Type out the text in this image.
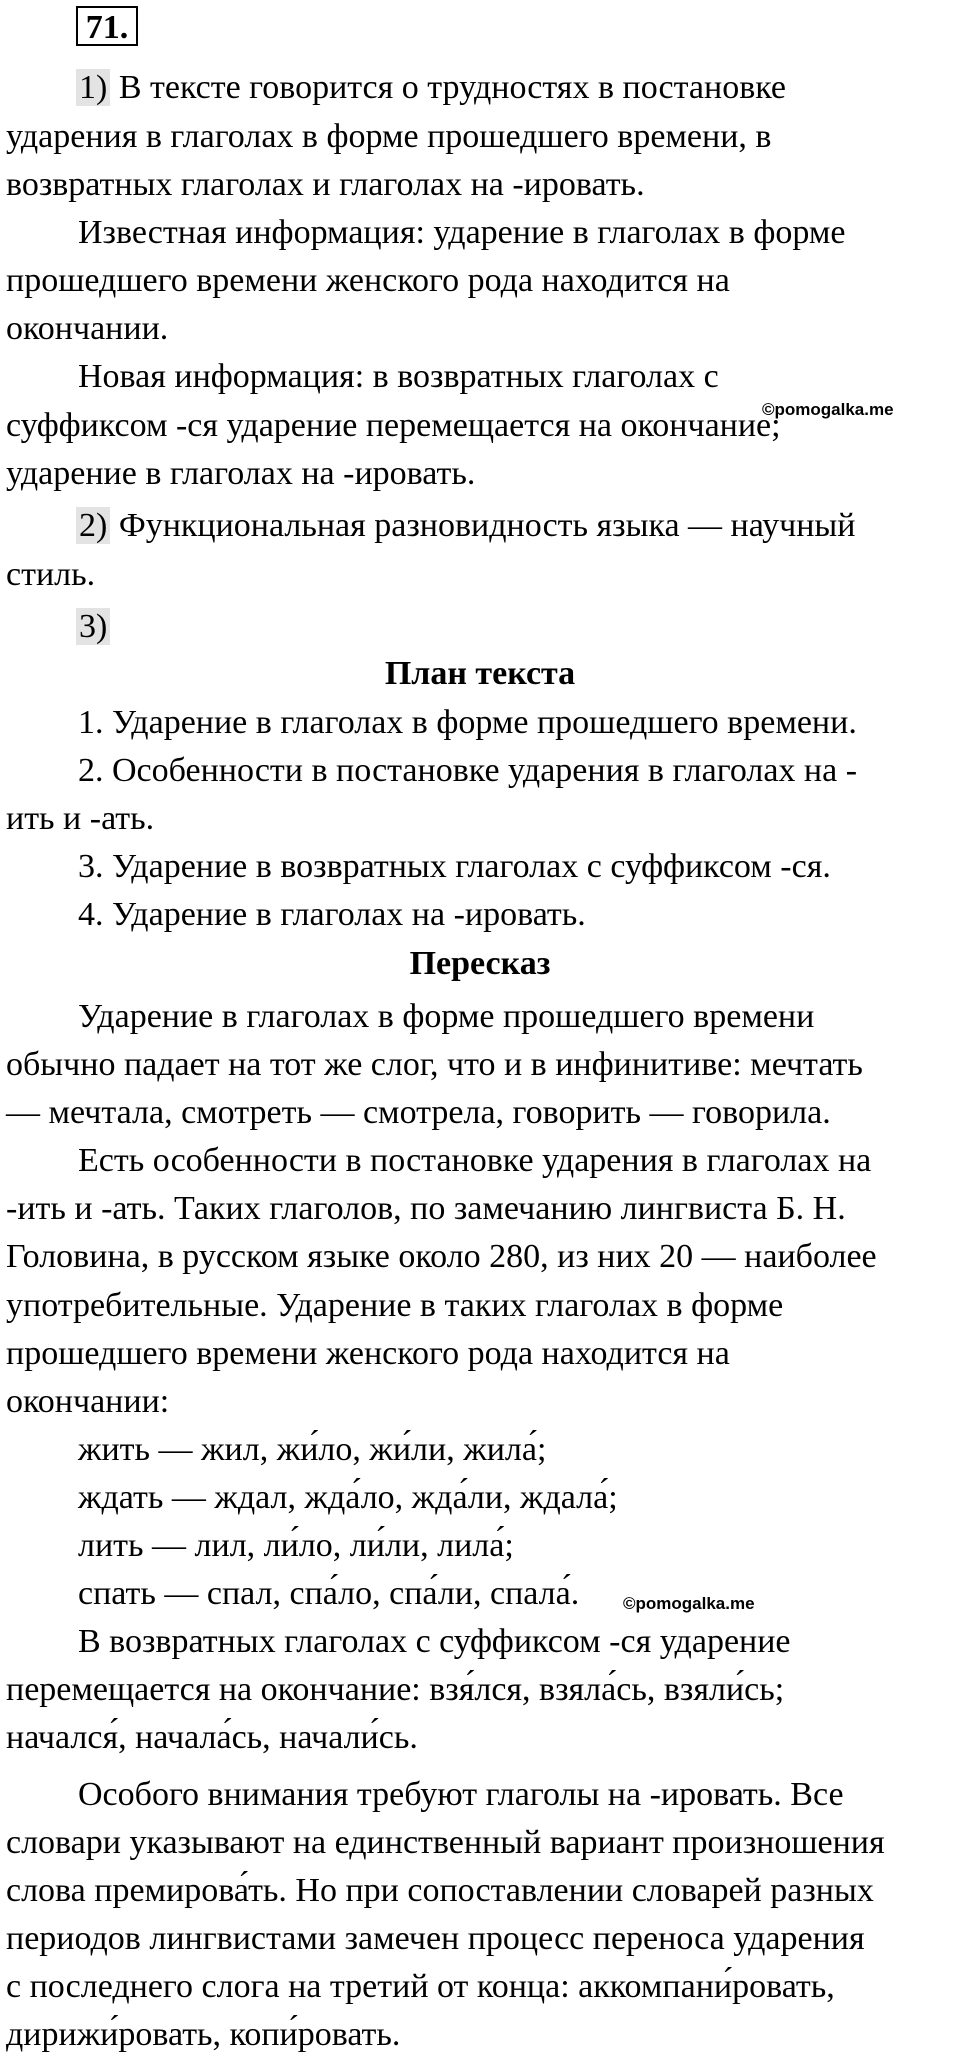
71.
1) В тексте говорится о трудностях в постановке
ударения в глаголах в форме прошедшего времени, в
возвратных глаголах и глаголах на -ировать.
Известная информация: ударение в глаголах в форме
прошедшего времени женского рода находится на
окончании.
Новая информация: в возвратных глаголах с
суффиксом -ся ударение перемещается на окончание;
©pomogalka.me
ударение в глаголах на -ировать.
2) Функциональная разновидность языка — научный
стиль.
3)
План текста
1. Ударение в глаголах в форме прошедшего времени.
2. Особенности в постановке ударения в глаголах на -
ить и -ать.
3. Ударение в возвратных глаголах с суффиксом -ся.
4. Ударение в глаголах на -ировать.
Пересказ
Ударение в глаголах в форме прошедшего времени
обычно падает на тот же слог, что и в инфинитиве: мечтать
— мечтала, смотреть — смотрела, говорить — говорила.
Есть особенности в постановке ударения в глаголах на
-ить и -ать. Таких глаголов, по замечанию лингвиста Б. Н.
Головина, в русском языке около 280, из них 20 — наиболее
употребительные. Ударение в таких глаголах в форме
прошедшего времени женского рода находится на
окончании:
жить — жил, жи́ло, жи́ли, жила́;
ждать — ждал, жда́ло, жда́ли, ждала́;
лить — лил, ли́ло, ли́ли, лила́;
спать — спал, спа́ло, спа́ли, спала́.	©pomogalka.me
В возвратных глаголах с суффиксом -ся ударение
перемещается на окончание: взя́лся, взяла́сь, взяли́сь;
начался́, начала́сь, начали́сь.
Особого внимания требуют глаголы на -ировать. Все
словари указывают на единственный вариант произношения
слова премирова́ть. Но при сопоставлении словарей разных
периодов лингвистами замечен процесс переноса ударения
с последнего слога на третий от конца: аккомпани́ровать,
дирижи́ровать, копи́ровать.
